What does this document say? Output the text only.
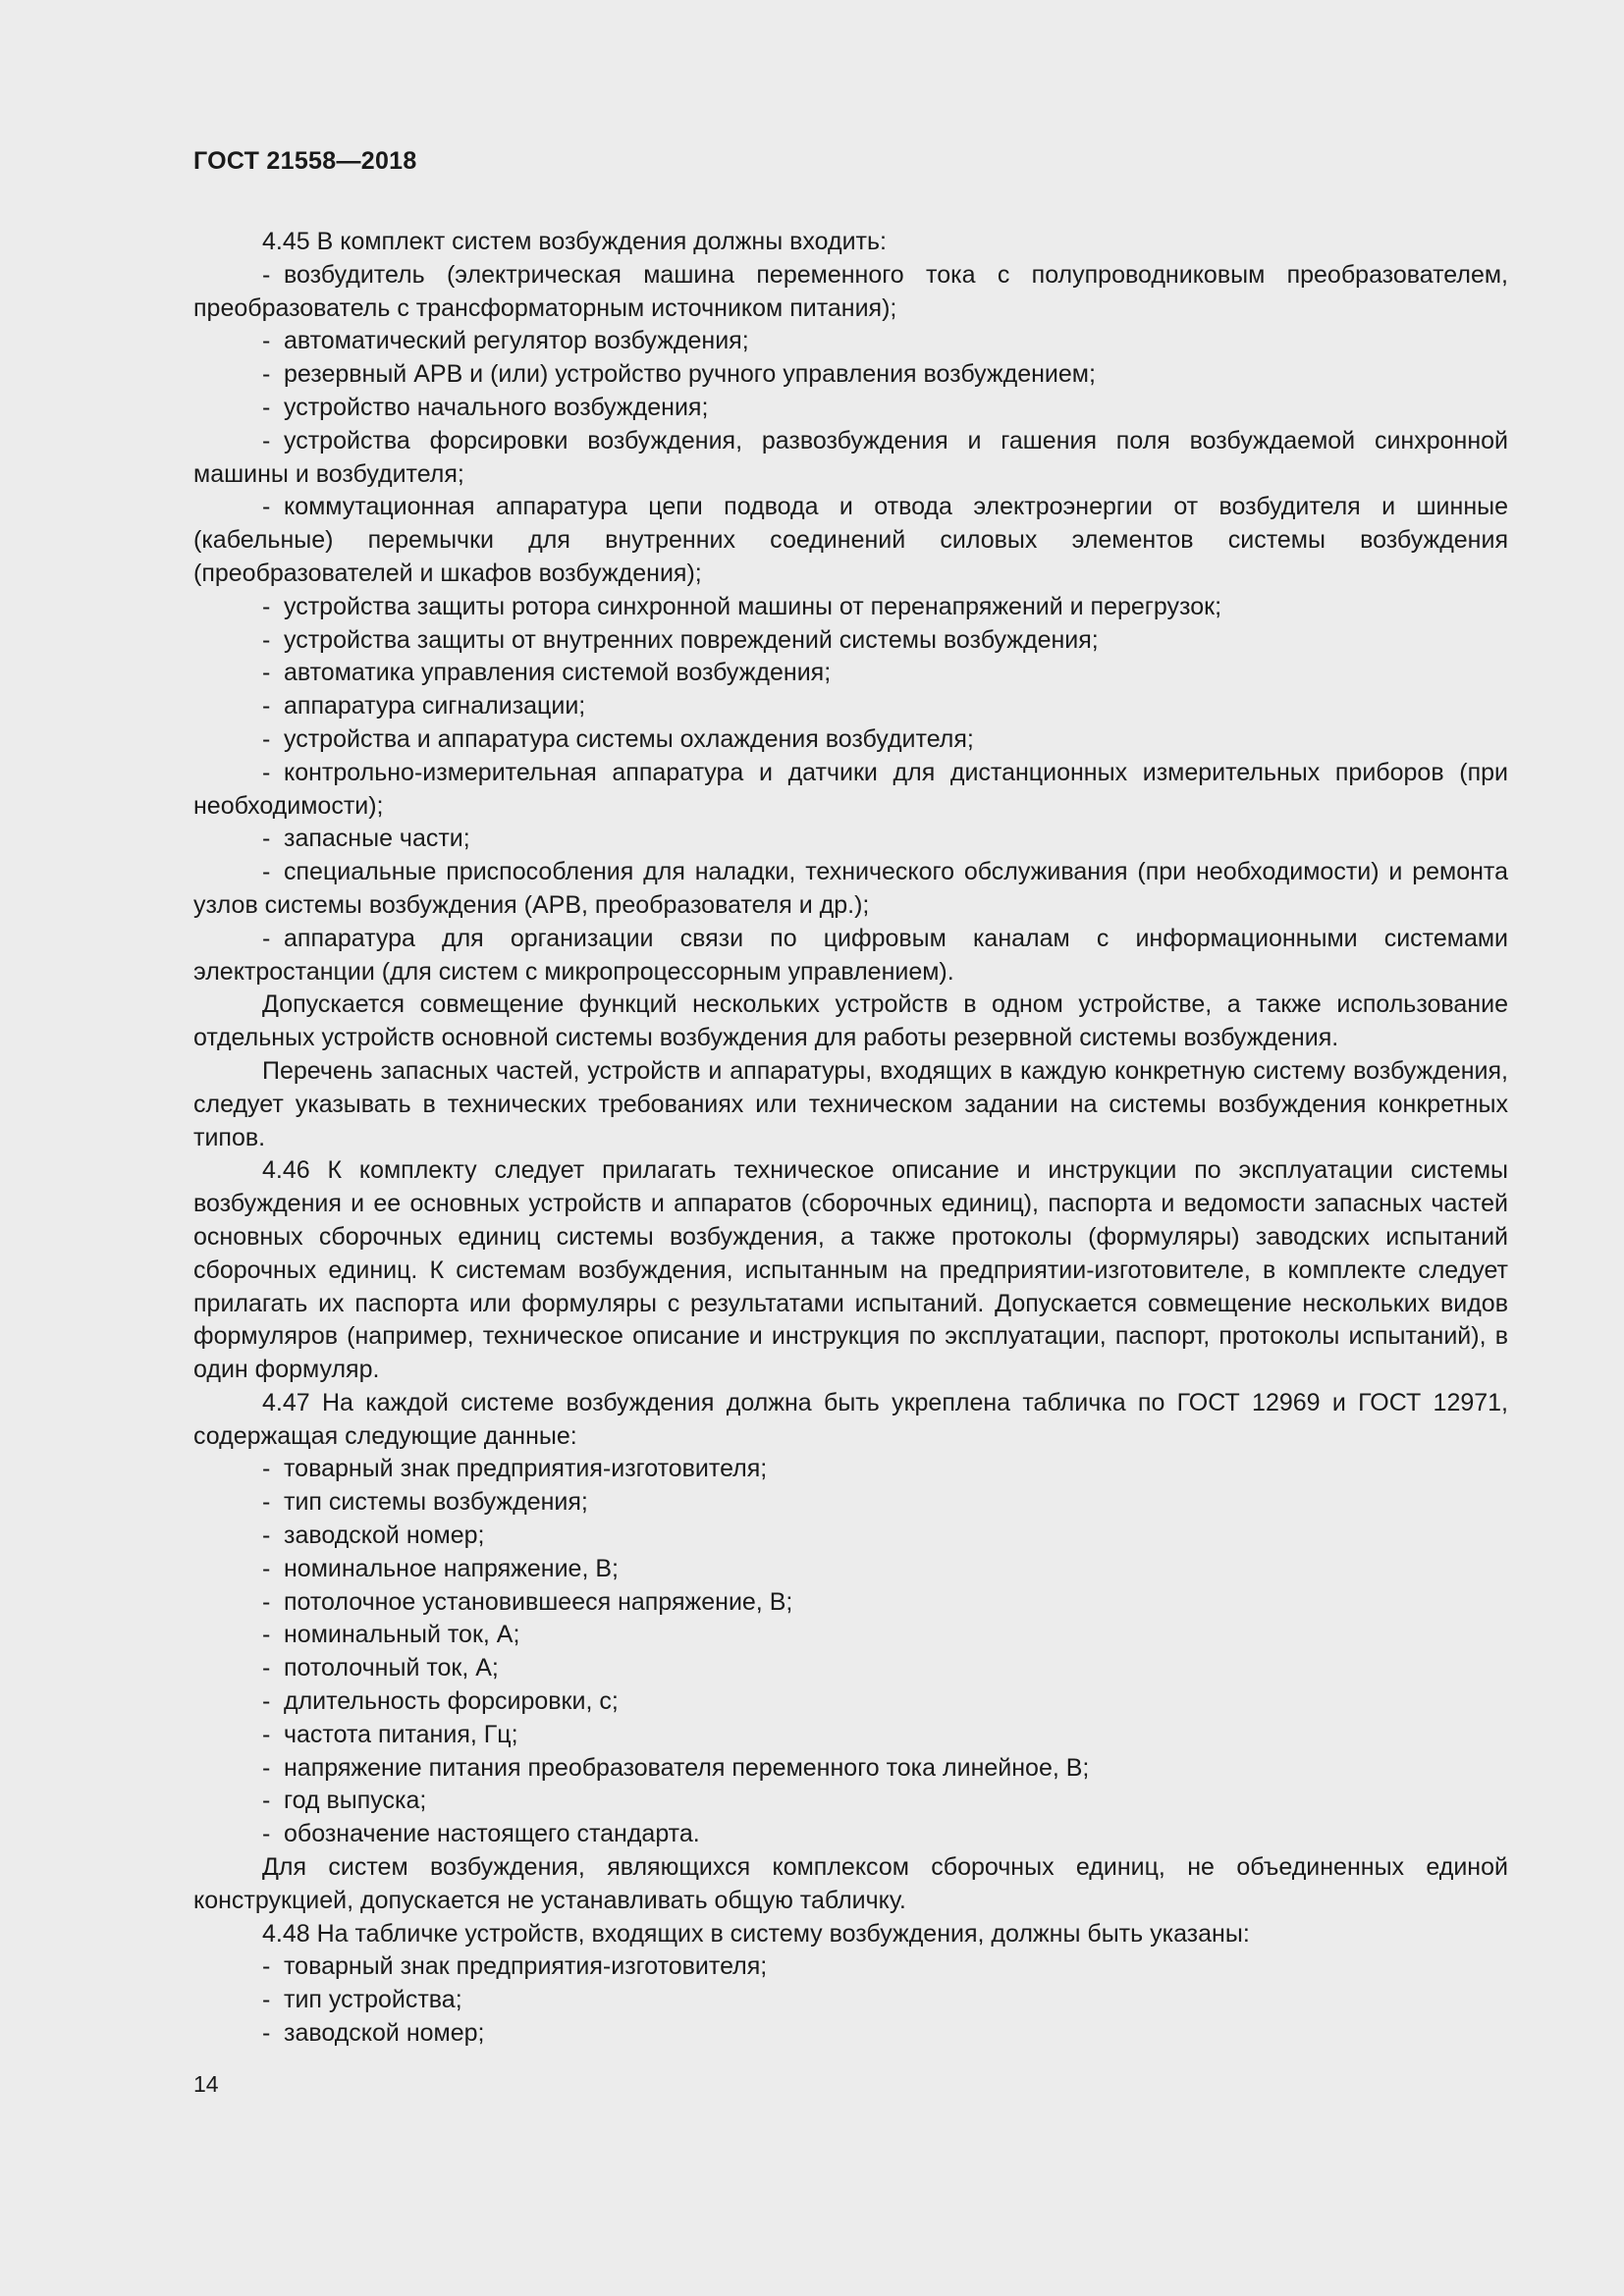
ГОСТ 21558—2018

4.45 В комплект систем возбуждения должны входить:

- возбудитель (электрическая машина переменного тока с полупроводниковым преобразователем, преобразователь с трансформаторным источником питания);

- автоматический регулятор возбуждения;

- резервный АРВ и (или) устройство ручного управления возбуждением;

- устройство начального возбуждения;

- устройства форсировки возбуждения, развозбуждения и гашения поля возбуждаемой синхронной машины и возбудителя;

- коммутационная аппаратура цепи подвода и отвода электроэнергии от возбудителя и шинные (кабельные) перемычки для внутренних соединений силовых элементов системы возбуждения (преобразователей и шкафов возбуждения);

- устройства защиты ротора синхронной машины от перенапряжений и перегрузок;

- устройства защиты от внутренних повреждений системы возбуждения;

- автоматика управления системой возбуждения;

- аппаратура сигнализации;

- устройства и аппаратура системы охлаждения возбудителя;

- контрольно-измерительная аппаратура и датчики для дистанционных измерительных приборов (при необходимости);

- запасные части;

- специальные приспособления для наладки, технического обслуживания (при необходимости) и ремонта узлов системы возбуждения (АРВ, преобразователя и др.);

- аппаратура для организации связи по цифровым каналам с информационными системами электростанции (для систем с микропроцессорным управлением).

Допускается совмещение функций нескольких устройств в одном устройстве, а также использование отдельных устройств основной системы возбуждения для работы резервной системы возбуждения.

Перечень запасных частей, устройств и аппаратуры, входящих в каждую конкретную систему возбуждения, следует указывать в технических требованиях или техническом задании на системы возбуждения конкретных типов.

4.46 К комплекту следует прилагать техническое описание и инструкции по эксплуатации системы возбуждения и ее основных устройств и аппаратов (сборочных единиц), паспорта и ведомости запасных частей основных сборочных единиц системы возбуждения, а также протоколы (формуляры) заводских испытаний сборочных единиц. К системам возбуждения, испытанным на предприятии-изготовителе, в комплекте следует прилагать их паспорта или формуляры с результатами испытаний. Допускается совмещение нескольких видов формуляров (например, техническое описание и инструкция по эксплуатации, паспорт, протоколы испытаний), в один формуляр.

4.47 На каждой системе возбуждения должна быть укреплена табличка по ГОСТ 12969 и ГОСТ 12971, содержащая следующие данные:

- товарный знак предприятия-изготовителя;

- тип системы возбуждения;

- заводской номер;

- номинальное напряжение, В;

- потолочное установившееся напряжение, В;

- номинальный ток, А;

- потолочный ток, А;

- длительность форсировки, с;

- частота питания, Гц;

- напряжение питания преобразователя переменного тока линейное, В;

- год выпуска;

- обозначение настоящего стандарта.

Для систем возбуждения, являющихся комплексом сборочных единиц, не объединенных единой конструкцией, допускается не устанавливать общую табличку.

4.48 На табличке устройств, входящих в систему возбуждения, должны быть указаны:

- товарный знак предприятия-изготовителя;

- тип устройства;

- заводской номер;

14
